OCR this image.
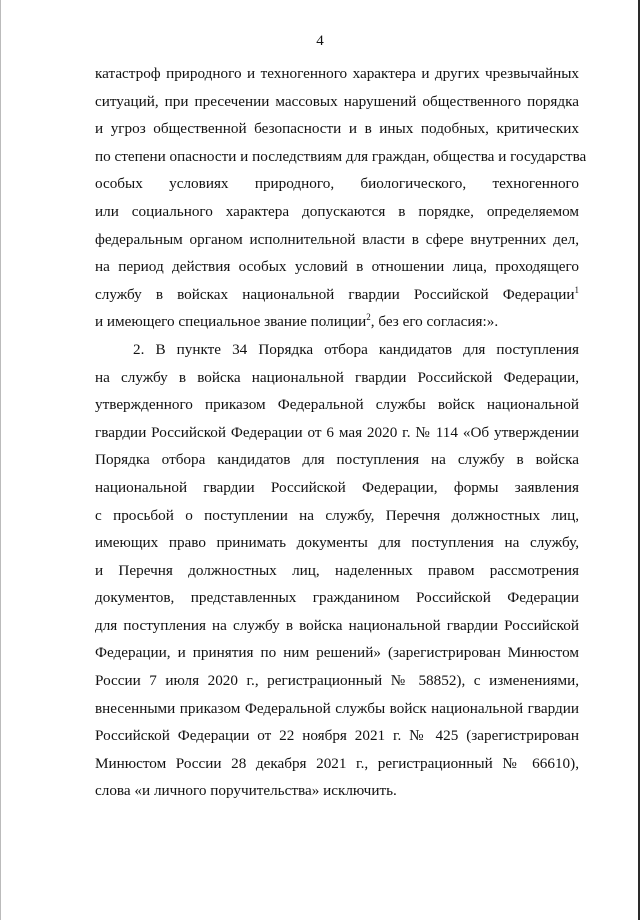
4
катастроф природного и техногенного характера и других чрезвычайных
ситуаций, при пресечении массовых нарушений общественного порядка
и угроз общественной безопасности и в иных подобных, критических
по степени опасности и последствиям для граждан, общества и государства
особых условиях природного, биологического, техногенного
или социального характера допускаются в порядке, определяемом
федеральным органом исполнительной власти в сфере внутренних дел,
на период действия особых условий в отношении лица, проходящего
службу в войсках национальной гвардии Российской Федерации$^1$
и имеющего специальное звание полиции$^2$, без его согласия:».
2. В пункте 34 Порядка отбора кандидатов для поступления
на службу в войска национальной гвардии Российской Федерации,
утвержденного приказом Федеральной службы войск национальной
гвардии Российской Федерации от 6 мая 2020 г. № 114 «Об утверждении
Порядка отбора кандидатов для поступления на службу в войска
национальной гвардии Российской Федерации, формы заявления
с просьбой о поступлении на службу, Перечня должностных лиц,
имеющих право принимать документы для поступления на службу,
и Перечня должностных лиц, наделенных правом рассмотрения
документов, представленных гражданином Российской Федерации
для поступления на службу в войска национальной гвардии Российской
Федерации, и принятия по ним решений» (зарегистрирован Минюстом
России 7 июля 2020 г., регистрационный № 58852), с изменениями,
внесенными приказом Федеральной службы войск национальной гвардии
Российской Федерации от 22 ноября 2021 г. № 425 (зарегистрирован
Минюстом России 28 декабря 2021 г., регистрационный № 66610),
слова «и личного поручительства» исключить.
